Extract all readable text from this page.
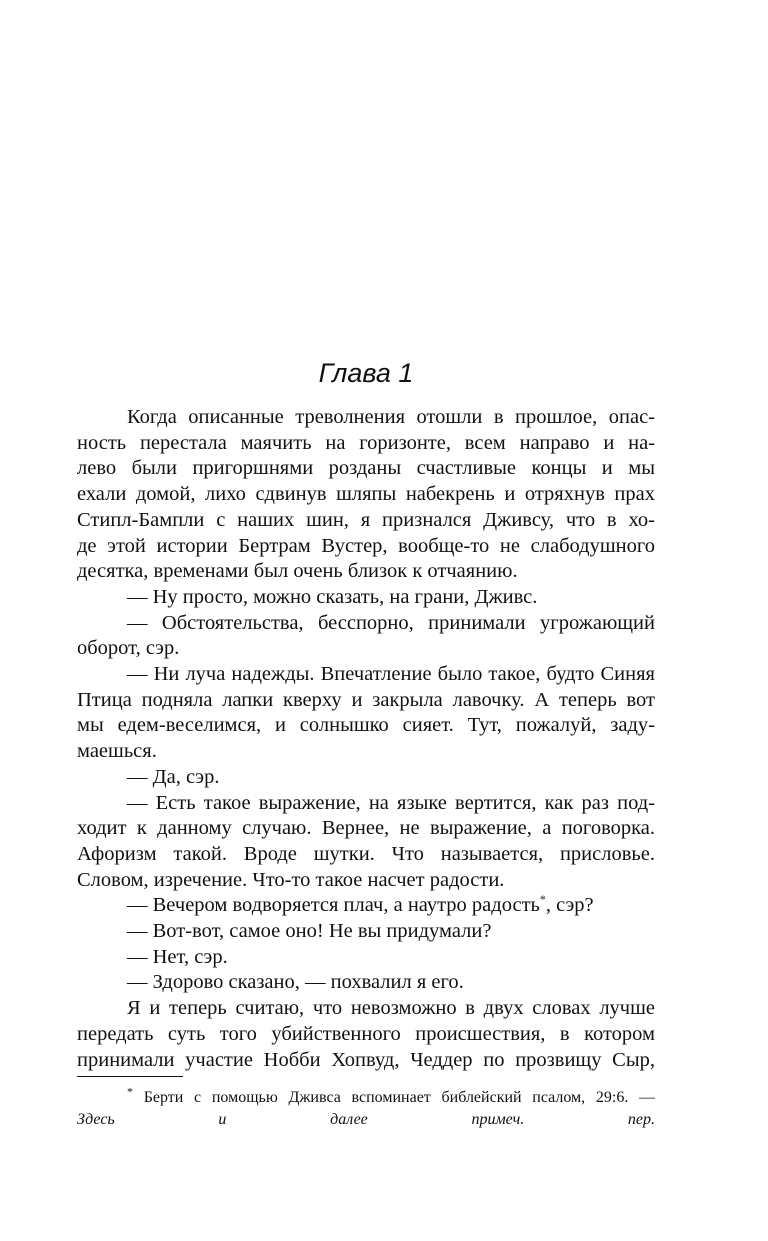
Глава 1
Когда описанные треволнения отошли в прошлое, опас-
ность перестала маячить на горизонте, всем направо и на-
лево были пригоршнями розданы счастливые концы и мы
ехали домой, лихо сдвинув шляпы набекрень и отряхнув прах
Стипл-Бампли с наших шин, я признался Дживсу, что в хо-
де этой истории Бертрам Вустер, вообще-то не слабодушного
десятка, временами был очень близок к отчаянию.
— Ну просто, можно сказать, на грани, Дживс.
— Обстоятельства, бесспорно, принимали угрожающий
оборот, сэр.
— Ни луча надежды. Впечатление было такое, будто Синяя
Птица подняла лапки кверху и закрыла лавочку. А теперь вот
мы едем-веселимся, и солнышко сияет. Тут, пожалуй, заду-
маешься.
— Да, сэр.
— Есть такое выражение, на языке вертится, как раз под-
ходит к данному случаю. Вернее, не выражение, а поговорка.
Афоризм такой. Вроде шутки. Что называется, присловье.
Словом, изречение. Что-то такое насчет радости.
— Вечером водворяется плач, а наутро радость*, сэр?
— Вот-вот, самое оно! Не вы придумали?
— Нет, сэр.
— Здорово сказано, — похвалил я его.
Я и теперь считаю, что невозможно в двух словах лучше
передать суть того убийственного происшествия, в котором
принимали участие Нобби Хопвуд, Чеддер по прозвищу Сыр,
* Берти с помощью Дживса вспоминает библейский псалом, 29:6. —
Здесь и далее примеч. пер.
